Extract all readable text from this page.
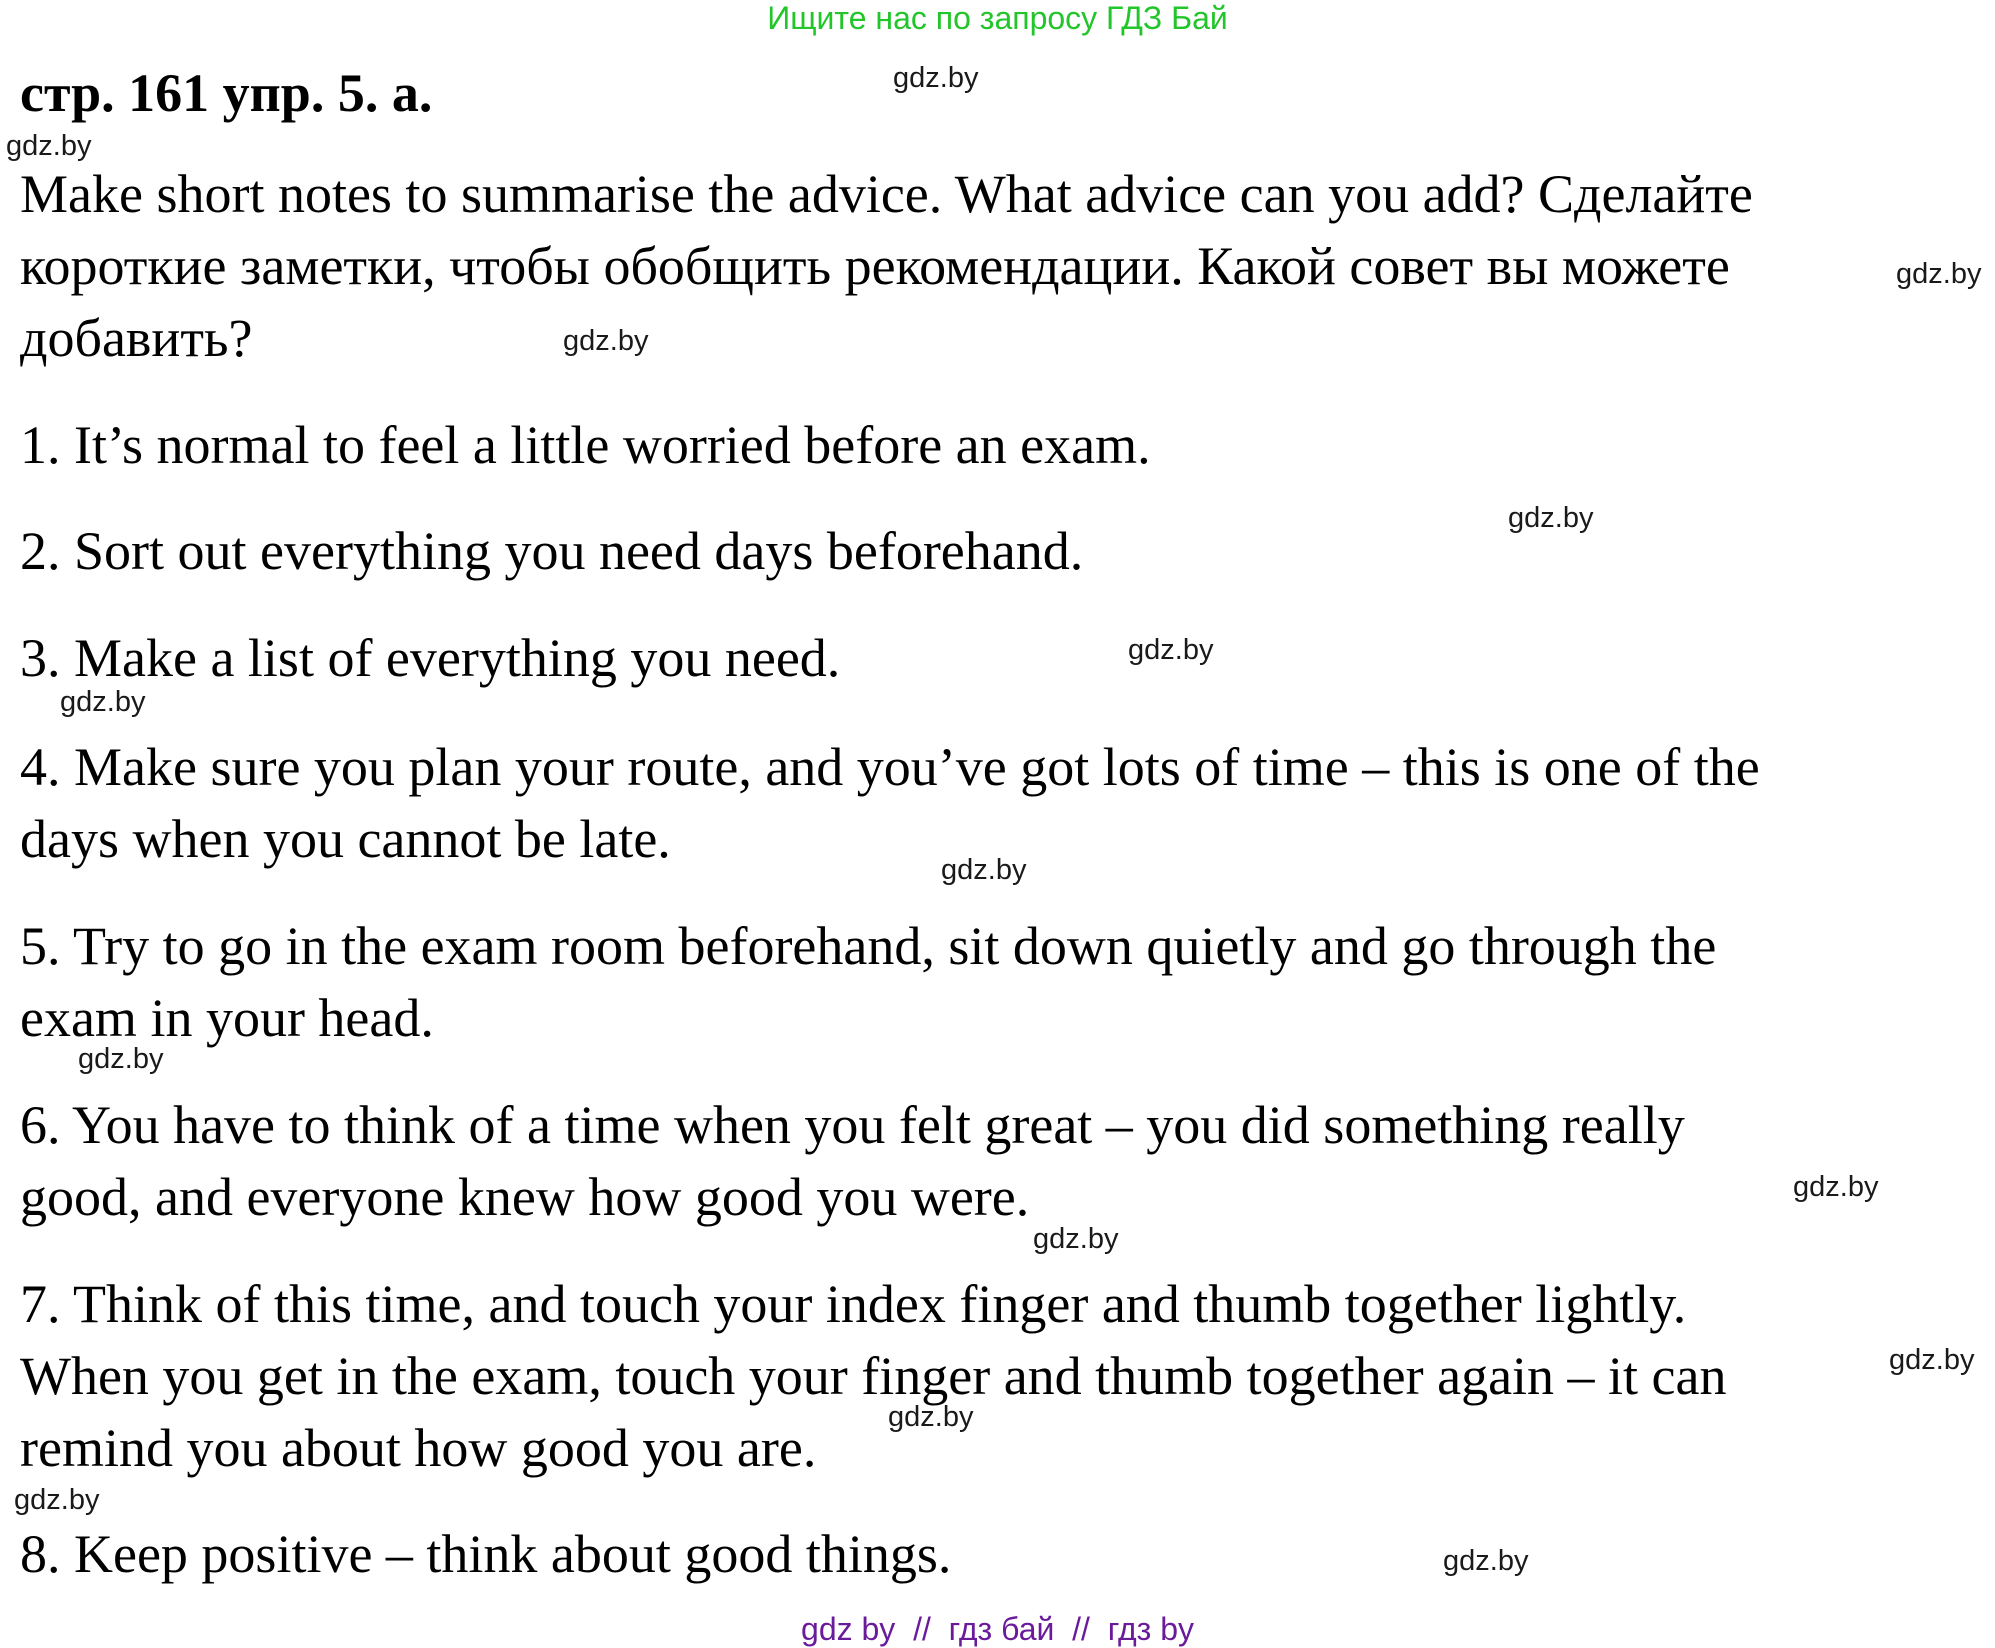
Ищите нас по запросу ГДЗ Бай
стр. 161 упр. 5. а.
Make short notes to summarise the advice. What advice can you add? Сделайте
короткие заметки, чтобы обобщить рекомендации. Какой совет вы можете
добавить?
1. It’s normal to feel a little worried before an exam.
2. Sort out everything you need days beforehand.
3. Make a list of everything you need.
4. Make sure you plan your route, and you’ve got lots of time – this is one of the
days when you cannot be late.
5. Try to go in the exam room beforehand, sit down quietly and go through the
exam in your head.
6. You have to think of a time when you felt great – you did something really
good, and everyone knew how good you were.
7. Think of this time, and touch your index finger and thumb together lightly.
When you get in the exam, touch your finger and thumb together again – it can
remind you about how good you are.
8. Keep positive – think about good things.
gdz.by
gdz.by
gdz.by
gdz.by
gdz.by
gdz.by
gdz.by
gdz.by
gdz.by
gdz.by
gdz.by
gdz.by
gdz.by
gdz.by
gdz.by
gdz by  //  гдз бай  //  гдз by
